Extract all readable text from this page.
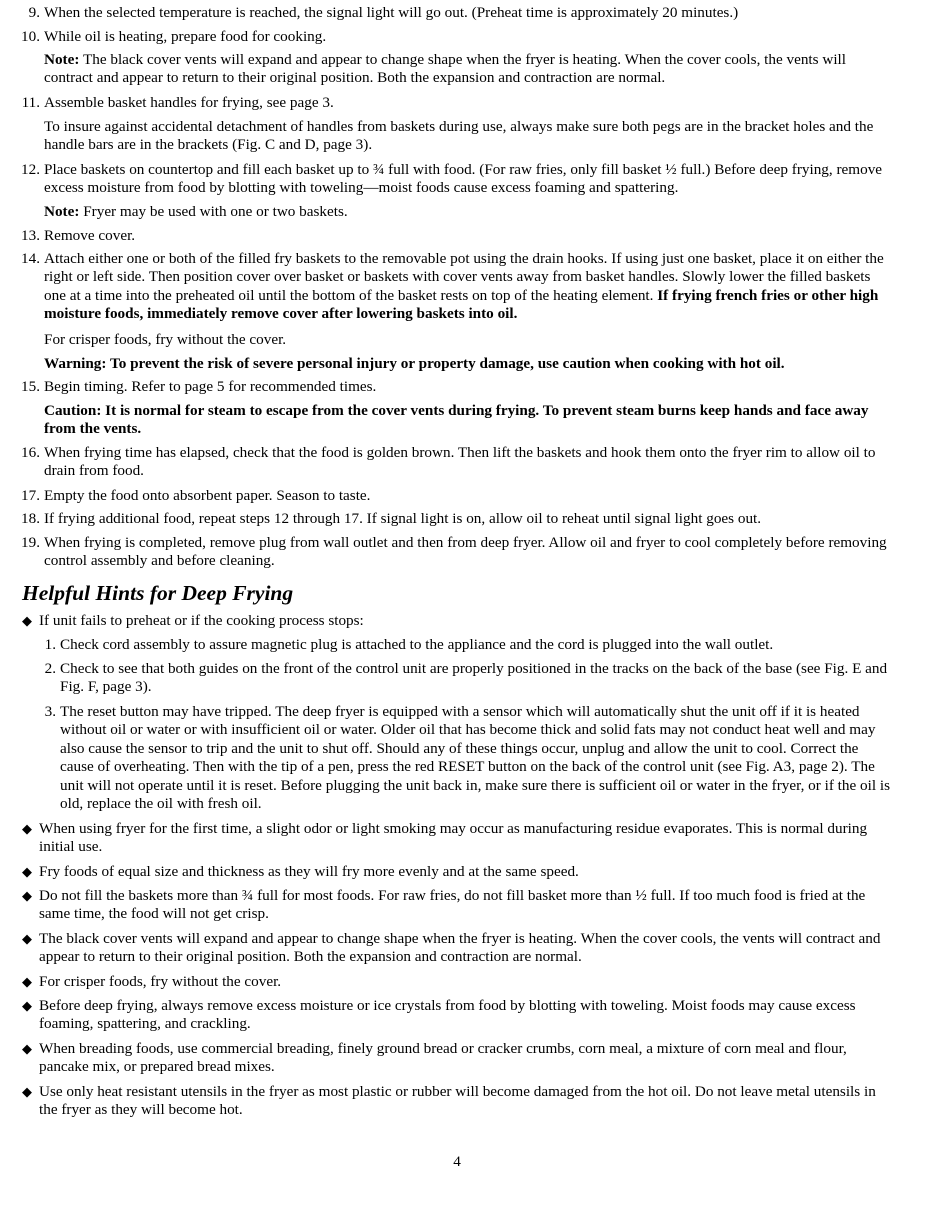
9. When the selected temperature is reached, the signal light will go out. (Preheat time is approximately 20 minutes.)
10. While oil is heating, prepare food for cooking.
Note: The black cover vents will expand and appear to change shape when the fryer is heating. When the cover cools, the vents will contract and appear to return to their original position. Both the expansion and contraction are normal.
11. Assemble basket handles for frying, see page 3.
To insure against accidental detachment of handles from baskets during use, always make sure both pegs are in the bracket holes and the handle bars are in the brackets (Fig. C and D, page 3).
12. Place baskets on countertop and fill each basket up to ¾ full with food. (For raw fries, only fill basket ½ full.) Before deep frying, remove excess moisture from food by blotting with toweling—moist foods cause excess foaming and spattering.
Note: Fryer may be used with one or two baskets.
13. Remove cover.
14. Attach either one or both of the filled fry baskets to the removable pot using the drain hooks. If using just one basket, place it on either the right or left side. Then position cover over basket or baskets with cover vents away from basket handles. Slowly lower the filled baskets one at a time into the preheated oil until the bottom of the basket rests on top of the heating element. If frying french fries or other high moisture foods, immediately remove cover after lowering baskets into oil.
For crisper foods, fry without the cover.
Warning: To prevent the risk of severe personal injury or property damage, use caution when cooking with hot oil.
15. Begin timing. Refer to page 5 for recommended times.
Caution: It is normal for steam to escape from the cover vents during frying. To prevent steam burns keep hands and face away from the vents.
16. When frying time has elapsed, check that the food is golden brown. Then lift the baskets and hook them onto the fryer rim to allow oil to drain from food.
17. Empty the food onto absorbent paper. Season to taste.
18. If frying additional food, repeat steps 12 through 17. If signal light is on, allow oil to reheat until signal light goes out.
19. When frying is completed, remove plug from wall outlet and then from deep fryer. Allow oil and fryer to cool completely before removing control assembly and before cleaning.
Helpful Hints for Deep Frying
◆ If unit fails to preheat or if the cooking process stops:
1. Check cord assembly to assure magnetic plug is attached to the appliance and the cord is plugged into the wall outlet.
2. Check to see that both guides on the front of the control unit are properly positioned in the tracks on the back of the base (see Fig. E and Fig. F, page 3).
3. The reset button may have tripped. The deep fryer is equipped with a sensor which will automatically shut the unit off if it is heated without oil or water or with insufficient oil or water. Older oil that has become thick and solid fats may not conduct heat well and may also cause the sensor to trip and the unit to shut off. Should any of these things occur, unplug and allow the unit to cool. Correct the cause of overheating. Then with the tip of a pen, press the red RESET button on the back of the control unit (see Fig. A3, page 2). The unit will not operate until it is reset. Before plugging the unit back in, make sure there is sufficient oil or water in the fryer, or if the oil is old, replace the oil with fresh oil.
◆ When using fryer for the first time, a slight odor or light smoking may occur as manufacturing residue evaporates. This is normal during initial use.
◆ Fry foods of equal size and thickness as they will fry more evenly and at the same speed.
◆ Do not fill the baskets more than ¾ full for most foods. For raw fries, do not fill basket more than ½ full. If too much food is fried at the same time, the food will not get crisp.
◆ The black cover vents will expand and appear to change shape when the fryer is heating. When the cover cools, the vents will contract and appear to return to their original position. Both the expansion and contraction are normal.
◆ For crisper foods, fry without the cover.
◆ Before deep frying, always remove excess moisture or ice crystals from food by blotting with toweling. Moist foods may cause excess foaming, spattering, and crackling.
◆ When breading foods, use commercial breading, finely ground bread or cracker crumbs, corn meal, a mixture of corn meal and flour, pancake mix, or prepared bread mixes.
◆ Use only heat resistant utensils in the fryer as most plastic or rubber will become damaged from the hot oil. Do not leave metal utensils in the fryer as they will become hot.
4
